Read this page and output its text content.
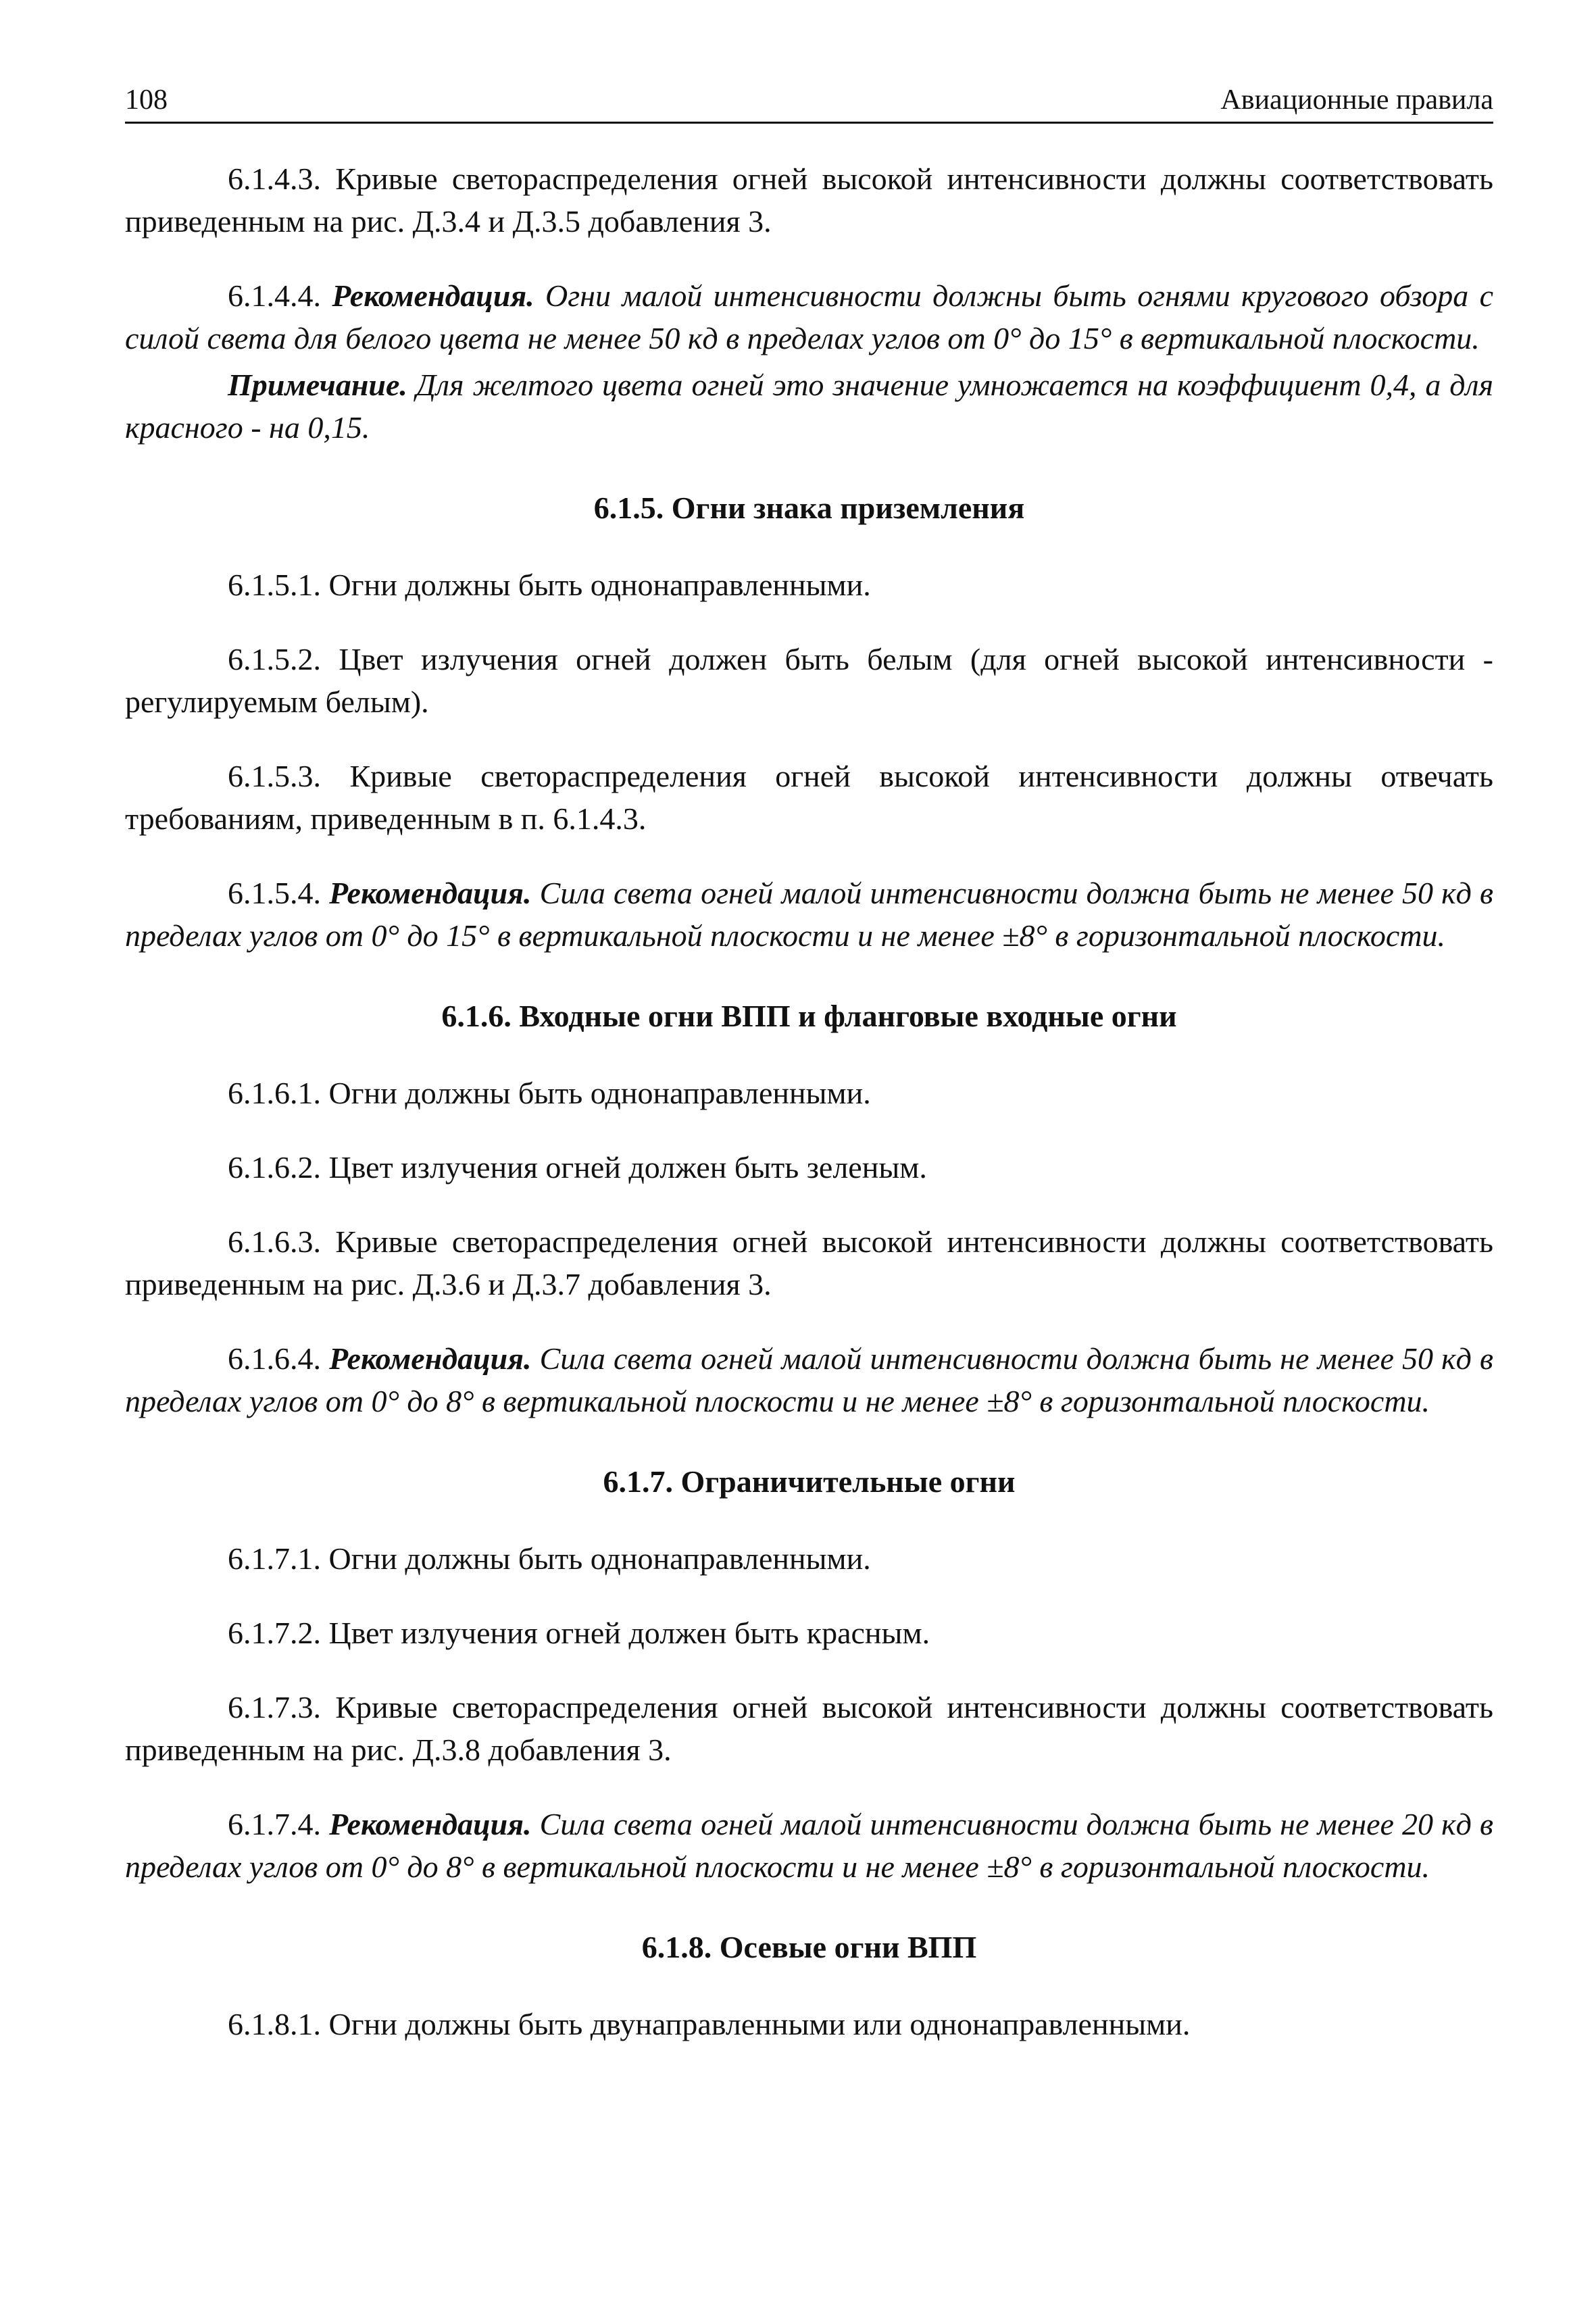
108	Авиационные правила

6.1.4.3. Кривые светораспределения огней высокой интенсивности должны соответствовать приведенным на рис. Д.3.4 и Д.3.5 добавления 3.

6.1.4.4. Рекомендация. Огни малой интенсивности должны быть огнями кругового обзора с силой света для белого цвета не менее 50 кд в пределах углов от 0° до 15° в вертикальной плоскости.

Примечание. Для желтого цвета огней это значение умножается на коэффициент 0,4, а для красного - на 0,15.

6.1.5. Огни знака приземления

6.1.5.1. Огни должны быть однонаправленными.

6.1.5.2. Цвет излучения огней должен быть белым (для огней высокой интенсивности - регулируемым белым).

6.1.5.3. Кривые светораспределения огней высокой интенсивности должны отвечать требованиям, приведенным в п. 6.1.4.3.

6.1.5.4. Рекомендация. Сила света огней малой интенсивности должна быть не менее 50 кд в пределах углов от 0° до 15° в вертикальной плоскости и не менее ±8° в горизонтальной плоскости.

6.1.6. Входные огни ВПП и фланговые входные огни

6.1.6.1. Огни должны быть однонаправленными.

6.1.6.2. Цвет излучения огней должен быть зеленым.

6.1.6.3. Кривые светораспределения огней высокой интенсивности должны соответствовать приведенным на рис. Д.3.6 и Д.3.7 добавления 3.

6.1.6.4. Рекомендация. Сила света огней малой интенсивности должна быть не менее 50 кд в пределах углов от 0° до 8° в вертикальной плоскости и не менее ±8° в горизонтальной плоскости.

6.1.7. Ограничительные огни

6.1.7.1. Огни должны быть однонаправленными.

6.1.7.2. Цвет излучения огней должен быть красным.

6.1.7.3. Кривые светораспределения огней высокой интенсивности должны соответствовать приведенным на рис. Д.3.8 добавления 3.

6.1.7.4. Рекомендация. Сила света огней малой интенсивности должна быть не менее 20 кд в пределах углов от 0° до 8° в вертикальной плоскости и не менее ±8° в горизонтальной плоскости.

6.1.8. Осевые огни ВПП

6.1.8.1. Огни должны быть двунаправленными или однонаправленными.
